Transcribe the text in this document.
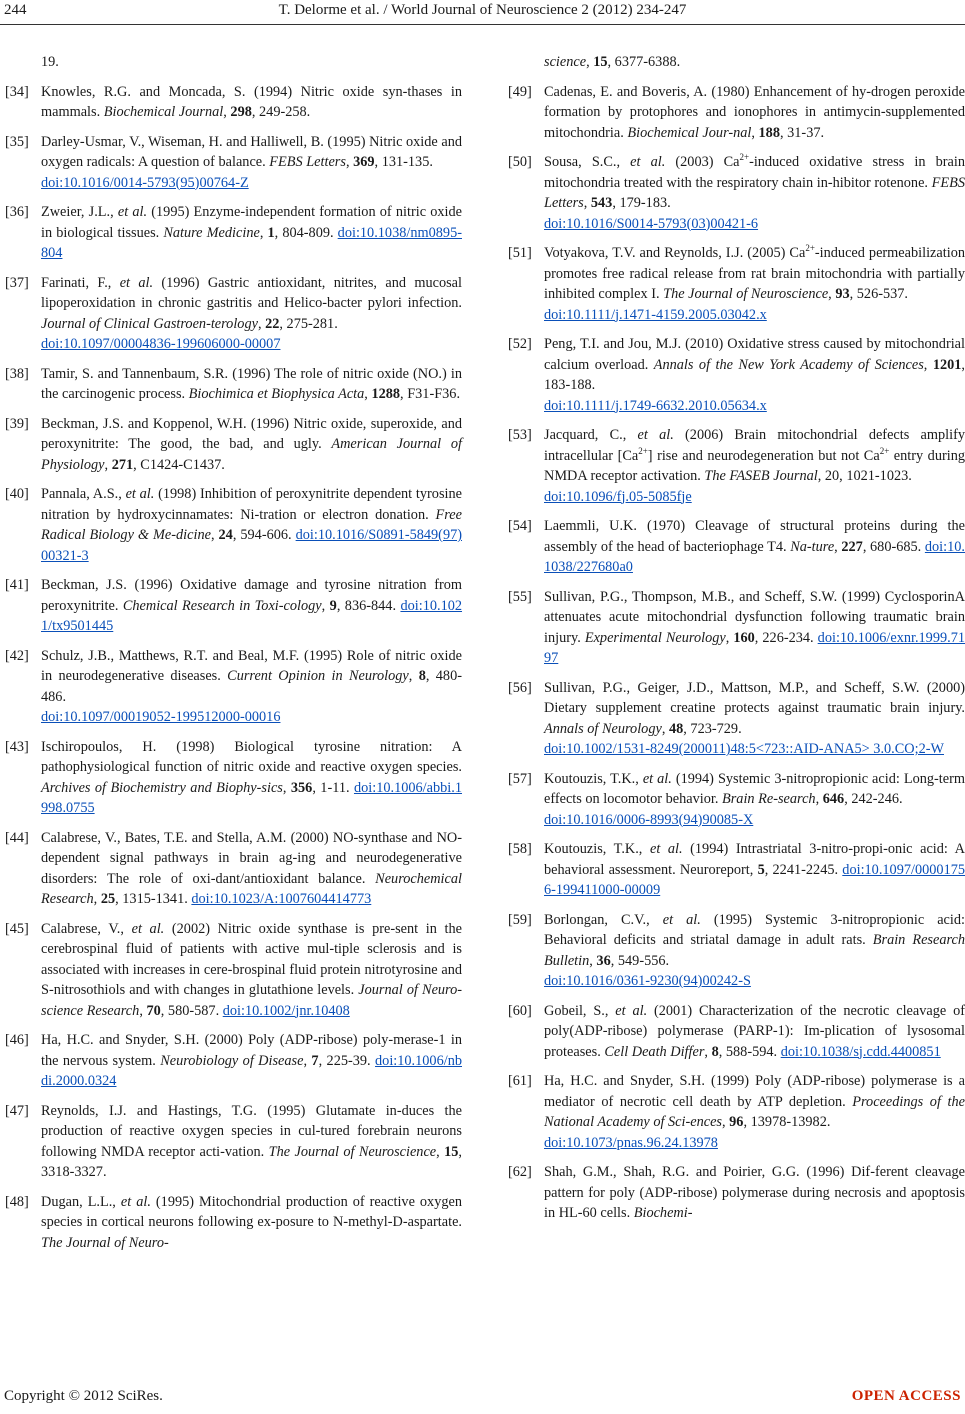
244	T. Delorme et al. / World Journal of Neuroscience 2 (2012) 234-247
19.
[34] Knowles, R.G. and Moncada, S. (1994) Nitric oxide syn-thases in mammals. Biochemical Journal, 298, 249-258.
[35] Darley-Usmar, V., Wiseman, H. and Halliwell, B. (1995) Nitric oxide and oxygen radicals: A question of balance. FEBS Letters, 369, 131-135.
doi:10.1016/0014-5793(95)00764-Z
[36] Zweier, J.L., et al. (1995) Enzyme-independent formation of nitric oxide in biological tissues. Nature Medicine, 1, 804-809. doi:10.1038/nm0895-804
[37] Farinati, F., et al. (1996) Gastric antioxidant, nitrites, and mucosal lipoperoxidation in chronic gastritis and Helico-bacter pylori infection. Journal of Clinical Gastroen-terology, 22, 275-281.
doi:10.1097/00004836-199606000-00007
[38] Tamir, S. and Tannenbaum, S.R. (1996) The role of nitric oxide (NO.) in the carcinogenic process. Biochimica et Biophysica Acta, 1288, F31-F36.
[39] Beckman, J.S. and Koppenol, W.H. (1996) Nitric oxide, superoxide, and peroxynitrite: The good, the bad, and ugly. American Journal of Physiology, 271, C1424-C1437.
[40] Pannala, A.S., et al. (1998) Inhibition of peroxynitrite dependent tyrosine nitration by hydroxycinnamates: Ni-tration or electron donation. Free Radical Biology & Me-dicine, 24, 594-606. doi:10.1016/S0891-5849(97)00321-3
[41] Beckman, J.S. (1996) Oxidative damage and tyrosine nitration from peroxynitrite. Chemical Research in Toxi-cology, 9, 836-844. doi:10.1021/tx9501445
[42] Schulz, J.B., Matthews, R.T. and Beal, M.F. (1995) Role of nitric oxide in neurodegenerative diseases. Current Opinion in Neurology, 8, 480-486.
doi:10.1097/00019052-199512000-00016
[43] Ischiropoulos, H. (1998) Biological tyrosine nitration: A pathophysiological function of nitric oxide and reactive oxygen species. Archives of Biochemistry and Biophy-sics, 356, 1-11. doi:10.1006/abbi.1998.0755
[44] Calabrese, V., Bates, T.E. and Stella, A.M. (2000) NO-synthase and NO-dependent signal pathways in brain ag-ing and neurodegenerative disorders: The role of oxi-dant/antioxidant balance. Neurochemical Research, 25, 1315-1341. doi:10.1023/A:1007604414773
[45] Calabrese, V., et al. (2002) Nitric oxide synthase is pre-sent in the cerebrospinal fluid of patients with active mul-tiple sclerosis and is associated with increases in cere-brospinal fluid protein nitrotyrosine and S-nitrosothiols and with changes in glutathione levels. Journal of Neuro-science Research, 70, 580-587. doi:10.1002/jnr.10408
[46] Ha, H.C. and Snyder, S.H. (2000) Poly (ADP-ribose) poly-merase-1 in the nervous system. Neurobiology of Disease, 7, 225-39. doi:10.1006/nbdi.2000.0324
[47] Reynolds, I.J. and Hastings, T.G. (1995) Glutamate in-duces the production of reactive oxygen species in cul-tured forebrain neurons following NMDA receptor acti-vation. The Journal of Neuroscience, 15, 3318-3327.
[48] Dugan, L.L., et al. (1995) Mitochondrial production of reactive oxygen species in cortical neurons following ex-posure to N-methyl-D-aspartate. The Journal of Neuro-
science, 15, 6377-6388.
[49] Cadenas, E. and Boveris, A. (1980) Enhancement of hy-drogen peroxide formation by protophores and ionophores in antimycin-supplemented mitochondria. Biochemical Jour-nal, 188, 31-37.
[50] Sousa, S.C., et al. (2003) $Ca^{2+}$-induced oxidative stress in brain mitochondria treated with the respiratory chain in-hibitor rotenone. FEBS Letters, 543, 179-183.
doi:10.1016/S0014-5793(03)00421-6
[51] Votyakova, T.V. and Reynolds, I.J. (2005) $Ca^{2+}$-induced permeabilization promotes free radical release from rat brain mitochondria with partially inhibited complex I. The Journal of Neuroscience, 93, 526-537.
doi:10.1111/j.1471-4159.2005.03042.x
[52] Peng, T.I. and Jou, M.J. (2010) Oxidative stress caused by mitochondrial calcium overload. Annals of the New York Academy of Sciences, 1201, 183-188.
doi:10.1111/j.1749-6632.2010.05634.x
[53] Jacquard, C., et al. (2006) Brain mitochondrial defects amplify intracellular $[Ca^{2+}]$ rise and neurodegeneration but not $Ca^{2+}$ entry during NMDA receptor activation. The FASEB Journal, 20, 1021-1023.
doi:10.1096/fj.05-5085fje
[54] Laemmli, U.K. (1970) Cleavage of structural proteins during the assembly of the head of bacteriophage T4. Na-ture, 227, 680-685. doi:10.1038/227680a0
[55] Sullivan, P.G., Thompson, M.B., and Scheff, S.W. (1999) CyclosporinA attenuates acute mitochondrial dysfunction following traumatic brain injury. Experimental Neurology, 160, 226-234. doi:10.1006/exnr.1999.7197
[56] Sullivan, P.G., Geiger, J.D., Mattson, M.P., and Scheff, S.W. (2000) Dietary supplement creatine protects against traumatic brain injury. Annals of Neurology, 48, 723-729.
doi:10.1002/1531-8249(200011)48:5<723::AID-ANA5> 3.0.CO;2-W
[57] Koutouzis, T.K., et al. (1994) Systemic 3-nitropropionic acid: Long-term effects on locomotor behavior. Brain Re-search, 646, 242-246.
doi:10.1016/0006-8993(94)90085-X
[58] Koutouzis, T.K., et al. (1994) Intrastriatal 3-nitro-propi-onic acid: A behavioral assessment. Neuroreport, 5, 2241-2245. doi:10.1097/00001756-199411000-00009
[59] Borlongan, C.V., et al. (1995) Systemic 3-nitropropionic acid: Behavioral deficits and striatal damage in adult rats. Brain Research Bulletin, 36, 549-556.
doi:10.1016/0361-9230(94)00242-S
[60] Gobeil, S., et al. (2001) Characterization of the necrotic cleavage of poly(ADP-ribose) polymerase (PARP-1): Im-plication of lysosomal proteases. Cell Death Differ, 8, 588-594. doi:10.1038/sj.cdd.4400851
[61] Ha, H.C. and Snyder, S.H. (1999) Poly (ADP-ribose) polymerase is a mediator of necrotic cell death by ATP depletion. Proceedings of the National Academy of Sci-ences, 96, 13978-13982.
doi:10.1073/pnas.96.24.13978
[62] Shah, G.M., Shah, R.G. and Poirier, G.G. (1996) Dif-ferent cleavage pattern for poly (ADP-ribose) polymerase during necrosis and apoptosis in HL-60 cells. Biochemi-
Copyright © 2012 SciRes.	OPEN ACCESS
